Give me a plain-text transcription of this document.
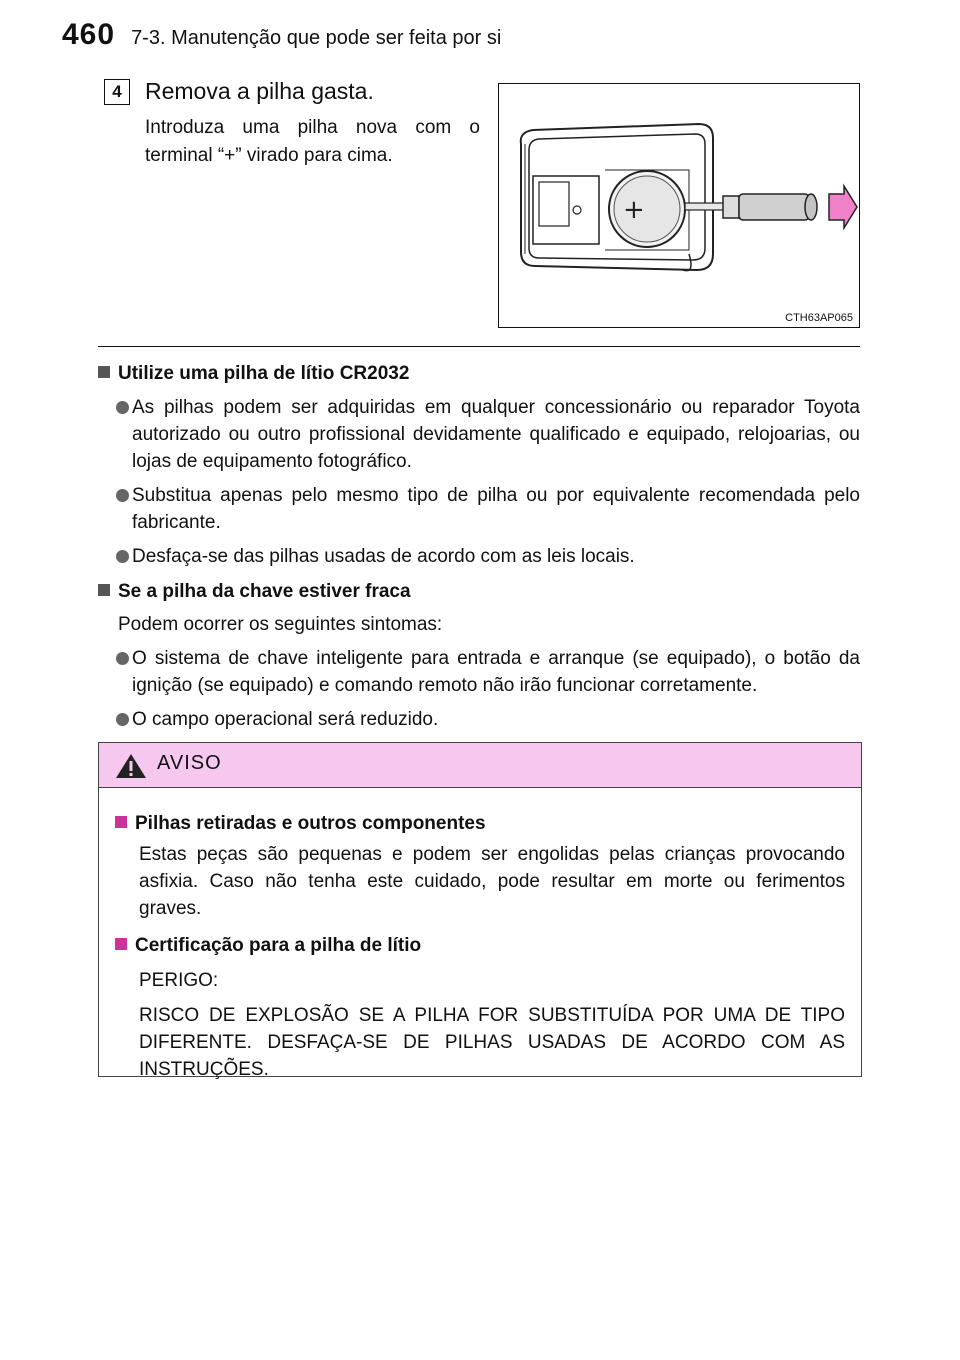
460 7-3. Manutenção que pode ser feita por si
4	Remova a pilha gasta.
Introduza uma pilha nova com o terminal “+” virado para cima.
+
CTH63AP065
Utilize uma pilha de lítio CR2032
As pilhas podem ser adquiridas em qualquer concessionário ou reparador Toyota autorizado ou outro profissional devidamente qualificado e equipado, relojoarias, ou lojas de equipamento fotográfico.
Substitua apenas pelo mesmo tipo de pilha ou por equivalente recomendada pelo fabricante.
Desfaça-se das pilhas usadas de acordo com as leis locais.
Se a pilha da chave estiver fraca
Podem ocorrer os seguintes sintomas:
O sistema de chave inteligente para entrada e arranque (se equipado), o botão da ignição (se equipado) e comando remoto não irão funcionar corretamente.
O campo operacional será reduzido.
AVISO
Pilhas retiradas e outros componentes
Estas peças são pequenas e podem ser engolidas pelas crianças provocando asfixia. Caso não tenha este cuidado, pode resultar em morte ou ferimentos graves.
Certificação para a pilha de lítio
PERIGO:
RISCO DE EXPLOSÃO SE A PILHA FOR SUBSTITUÍDA POR UMA DE TIPO DIFERENTE. DESFAÇA-SE DE PILHAS USADAS DE ACORDO COM AS INSTRUÇÕES.
